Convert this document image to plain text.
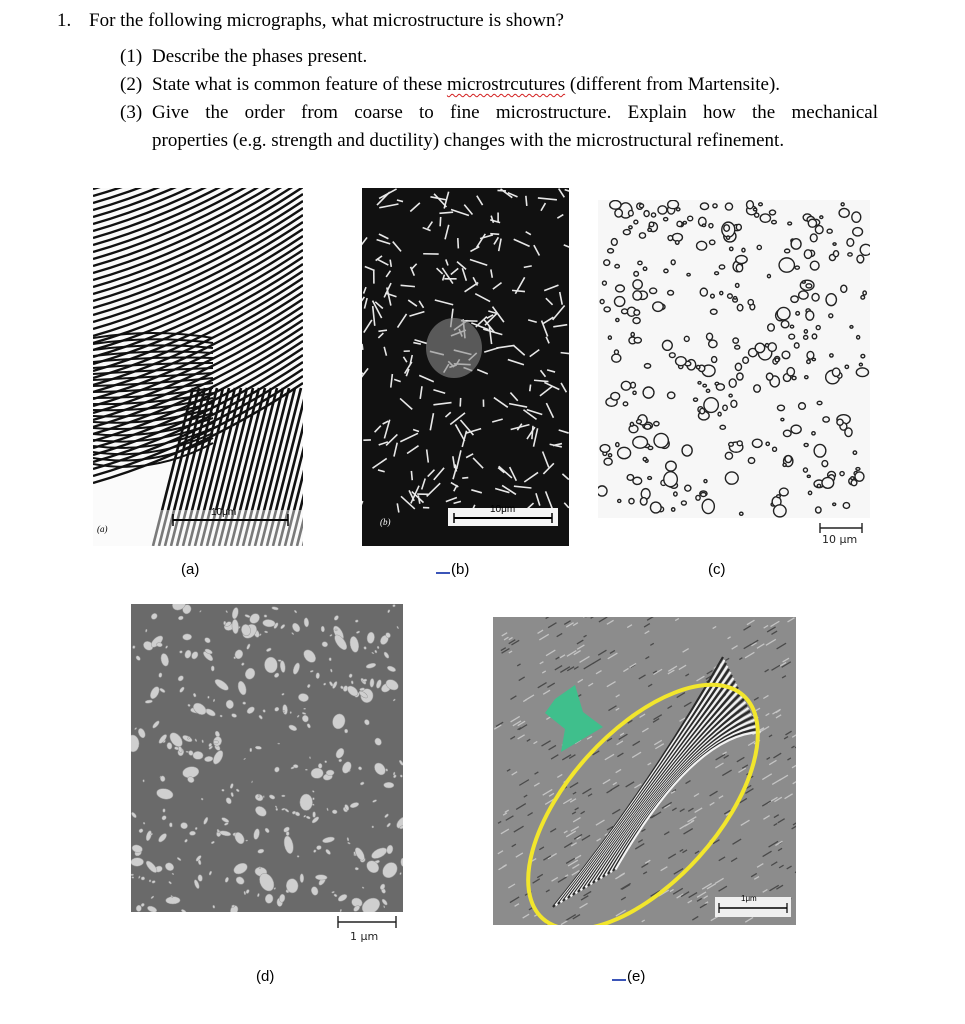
1. For the following micrographs, what microstructure is shown?
(1) Describe the phases present.
(2) State what is common feature of these microstrcutures (different from Martensite).
(3) Give the order from coarse to fine microstructure. Explain how the mechanical
properties (e.g. strength and ductility) changes with the microstructural refinement.
(a)
10μm
(a)
(b)
10μm
(b)
10 μm
(c)
1 μm
(d)
1μm
(e)
